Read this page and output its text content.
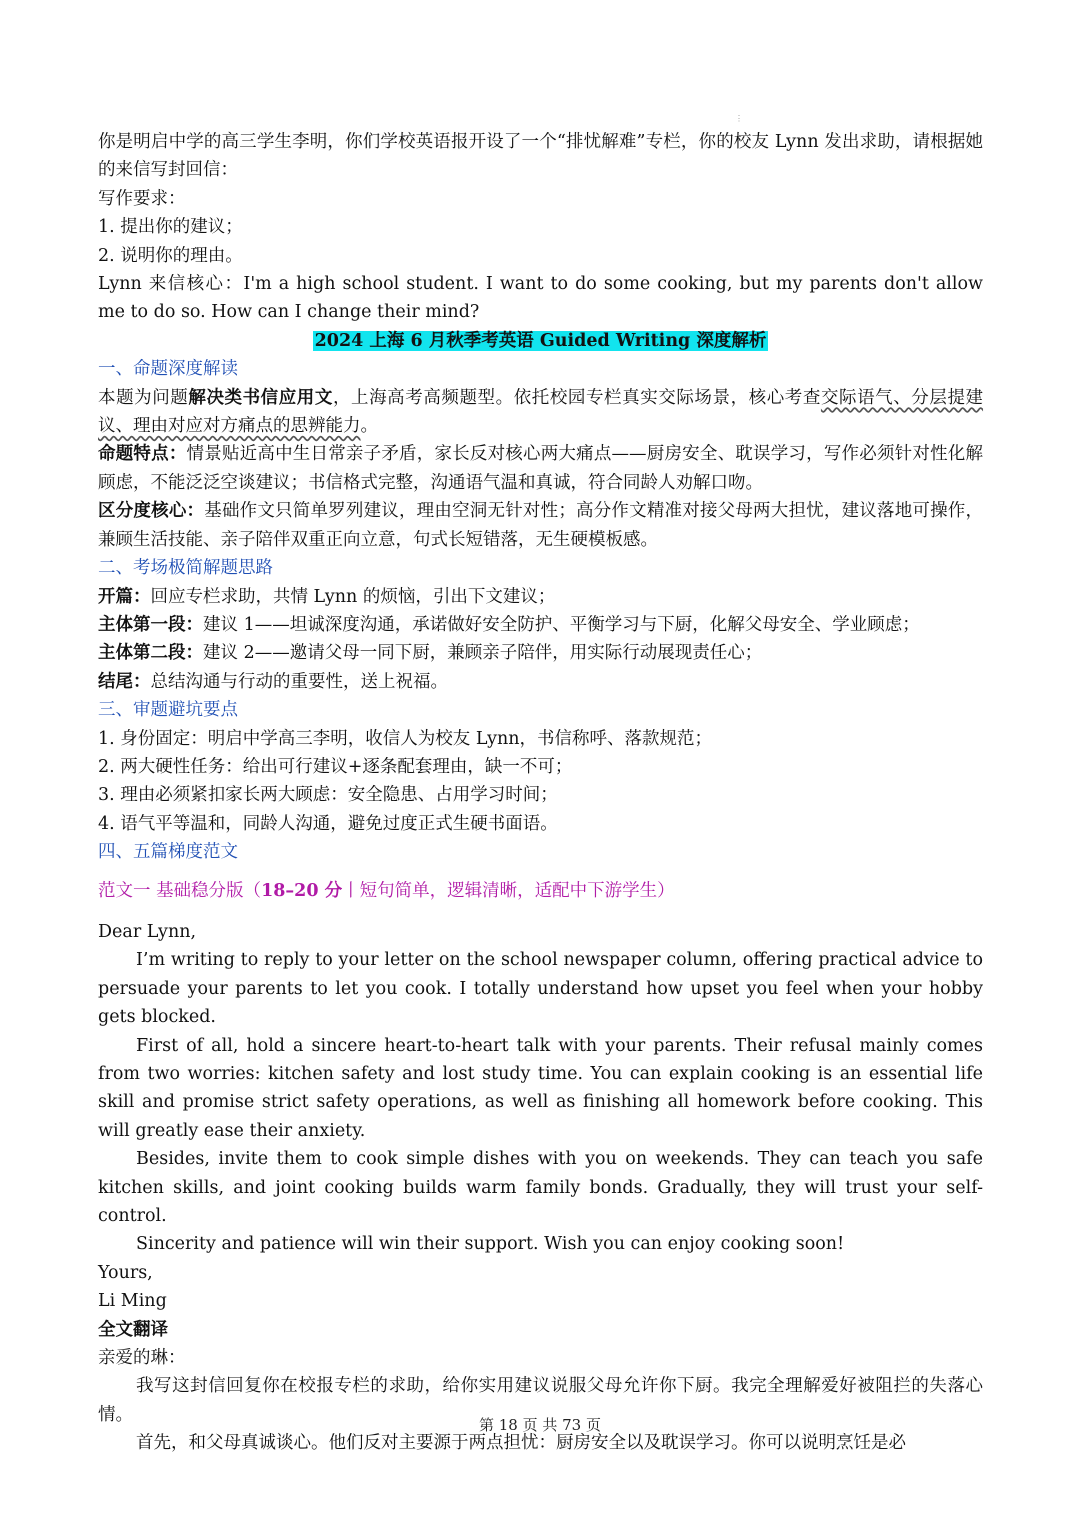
⋮

你是明启中学的高三学生李明，你们学校英语报开设了一个“排忧解难”专栏，你的校友 Lynn 发出求助，请根据她的来信写封回信：

写作要求：

1. 提出你的建议；

2. 说明你的理由。

Lynn 来信核心：I'm a high school student. I want to do some cooking, but my parents don't allow me to do so. How can I change their mind?

2024 上海 6 月秋季考英语 Guided Writing 深度解析

一、命题深度解读

本题为问题解决类书信应用文，上海高考高频题型。依托校园专栏真实交际场景，核心考查交际语气、分层提建议、理由对应对方痛点的思辨能力。

命题特点：情景贴近高中生日常亲子矛盾，家长反对核心两大痛点——厨房安全、耽误学习，写作必须针对性化解顾虑，不能泛泛空谈建议；书信格式完整，沟通语气温和真诚，符合同龄人劝解口吻。

区分度核心：基础作文只简单罗列建议，理由空洞无针对性；高分作文精准对接父母两大担忧，建议落地可操作，兼顾生活技能、亲子陪伴双重正向立意，句式长短错落，无生硬模板感。

二、考场极简解题思路

开篇：回应专栏求助，共情 Lynn 的烦恼，引出下文建议；

主体第一段：建议 1——坦诚深度沟通，承诺做好安全防护、平衡学习与下厨，化解父母安全、学业顾虑；

主体第二段：建议 2——邀请父母一同下厨，兼顾亲子陪伴，用实际行动展现责任心；

结尾：总结沟通与行动的重要性，送上祝福。

三、审题避坑要点

1. 身份固定：明启中学高三李明，收信人为校友 Lynn，书信称呼、落款规范；

2. 两大硬性任务：给出可行建议+逐条配套理由，缺一不可；

3. 理由必须紧扣家长两大顾虑：安全隐患、占用学习时间；

4. 语气平等温和，同龄人沟通，避免过度正式生硬书面语。

四、五篇梯度范文

范文一 基础稳分版（18–20 分丨短句简单，逻辑清晰，适配中下游学生）

Dear Lynn,

I’m writing to reply to your letter on the school newspaper column, offering practical advice to persuade your parents to let you cook. I totally understand how upset you feel when your hobby gets blocked.

First of all, hold a sincere heart-to-heart talk with your parents. Their refusal mainly comes from two worries: kitchen safety and lost study time. You can explain cooking is an essential life skill and promise strict safety operations, as well as finishing all homework before cooking. This will greatly ease their anxiety.

Besides, invite them to cook simple dishes with you on weekends. They can teach you safe kitchen skills, and joint cooking builds warm family bonds. Gradually, they will trust your self-control.

Sincerity and patience will win their support. Wish you can enjoy cooking soon!

Yours,

Li Ming

全文翻译

亲爱的琳：

我写这封信回复你在校报专栏的求助，给你实用建议说服父母允许你下厨。我完全理解爱好被阻拦的失落心情。

首先，和父母真诚谈心。他们反对主要源于两点担忧：厨房安全以及耽误学习。你可以说明烹饪是必

第 18 页 共 73 页
